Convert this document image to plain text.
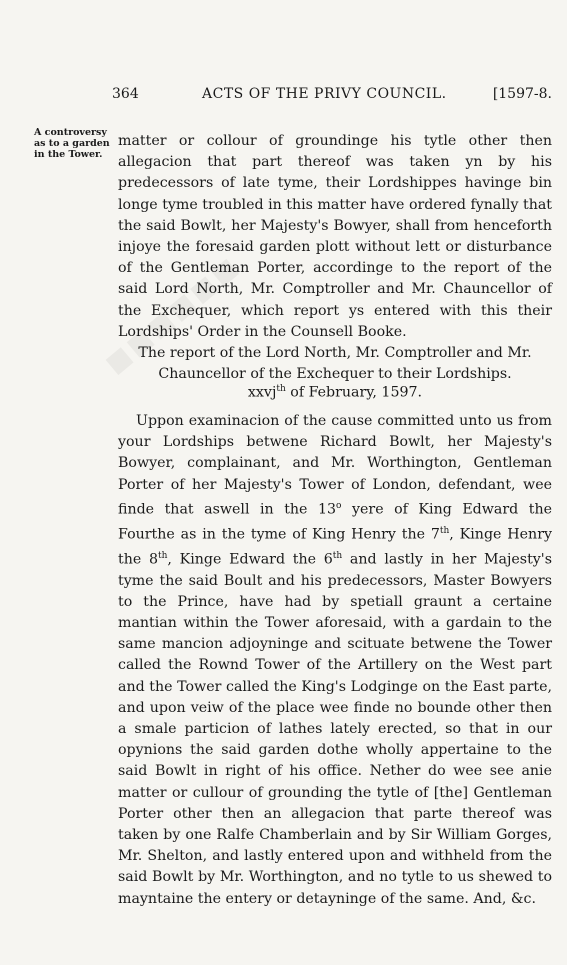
364	ACTS OF THE PRIVY COUNCIL.	[1597-8.
A controversy as to a garden in the Tower.

matter or collour of groundinge his tytle other then allegacion that part thereof was taken yn by his predecessors of late tyme, their Lordshippes havinge bin longe tyme troubled in this matter have ordered fynally that the said Bowlt, her Majesty's Bowyer, shall from henceforth injoye the foresaid garden plott without lett or disturbance of the Gentleman Porter, accordinge to the report of the said Lord North, Mr. Comptroller and Mr. Chauncellor of the Exchequer, which report ys entered with this their Lordships' Order in the Counsell Booke.

The report of the Lord North, Mr. Comptroller and Mr. Chauncellor of the Exchequer to their Lordships.

xxvj$^{th}$ of February, 1597.

Uppon examinacion of the cause committed unto us from your Lordships betwene Richard Bowlt, her Majesty's Bowyer, complainant, and Mr. Worthington, Gentleman Porter of her Majesty's Tower of London, defendant, wee finde that aswell in the 13$^o$ yere of King Edward the Fourthe as in the tyme of King Henry the 7th, Kinge Henry the 8th, Kinge Edward the 6th and lastly in her Majesty's tyme the said Boult and his predecessors, Master Bowyers to the Prince, have had by spetiall graunt a certaine mantian within the Tower aforesaid, with a gardain to the same mancion adjoyninge and scituate betwene the Tower called the Rownd Tower of the Artillery on the West part and the Tower called the King's Lodginge on the East parte, and upon veiw of the place wee finde no bounde other then a smale particion of lathes lately erected, so that in our opynions the said garden dothe wholly appertaine to the said Bowlt in right of his office. Nether do wee see anie matter or cullour of grounding the tytle of [the] Gentleman Porter other then an allegacion that parte thereof was taken by one Ralfe Chamberlain and by Sir William Gorges, Mr. Shelton, and lastly entered upon and withheld from the said Bowlt by Mr. Worthington, and no tytle to us shewed to mayntaine the entery or detayninge of the same. And, &c.
